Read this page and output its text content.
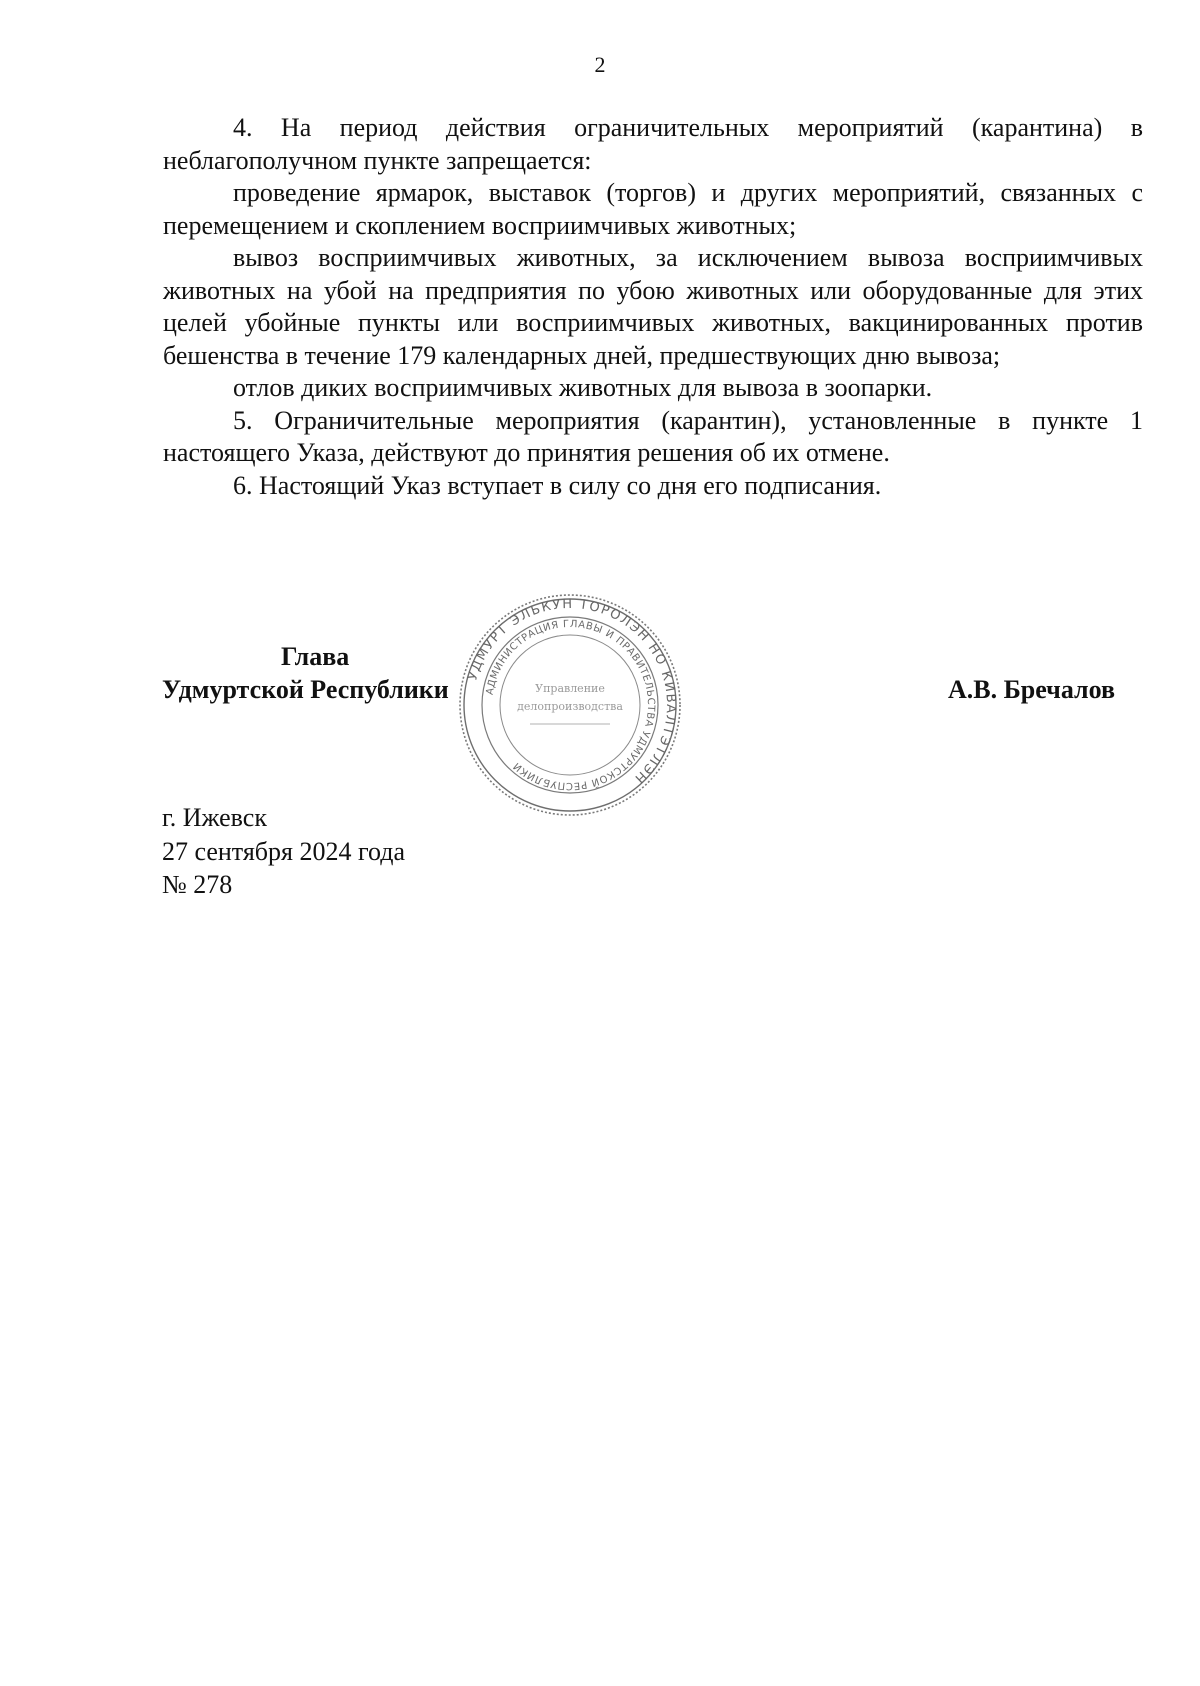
2

4. На период действия ограничительных мероприятий (карантина) в неблагополучном пункте запрещается:

проведение ярмарок, выставок (торгов) и других мероприятий, связанных с перемещением и скоплением восприимчивых животных;

вывоз восприимчивых животных, за исключением вывоза восприимчивых животных на убой на предприятия по убою животных или оборудованные для этих целей убойные пункты или восприимчивых животных, вакцинированных против бешенства в течение 179 календарных дней, предшествующих дню вывоза;

отлов диких восприимчивых животных для вывоза в зоопарки.

5. Ограничительные мероприятия (карантин), установленные в пункте 1 настоящего Указа, действуют до принятия решения об их отмене.

6. Настоящий Указ вступает в силу со дня его подписания.

Глава
Удмуртской Республики	А.В. Бречалов
УДМУРТ ЭЛЬКУН ТОРОЛЭН НО КИВАЛТЭТЛЭН
АДМИНИСТРАЦИЯ ГЛАВЫ И ПРАВИТЕЛЬСТВА УДМУРТСКОЙ РЕСПУБЛИКИ
Управление
делопроизводства
г. Ижевск
27 сентября 2024 года
№ 278
